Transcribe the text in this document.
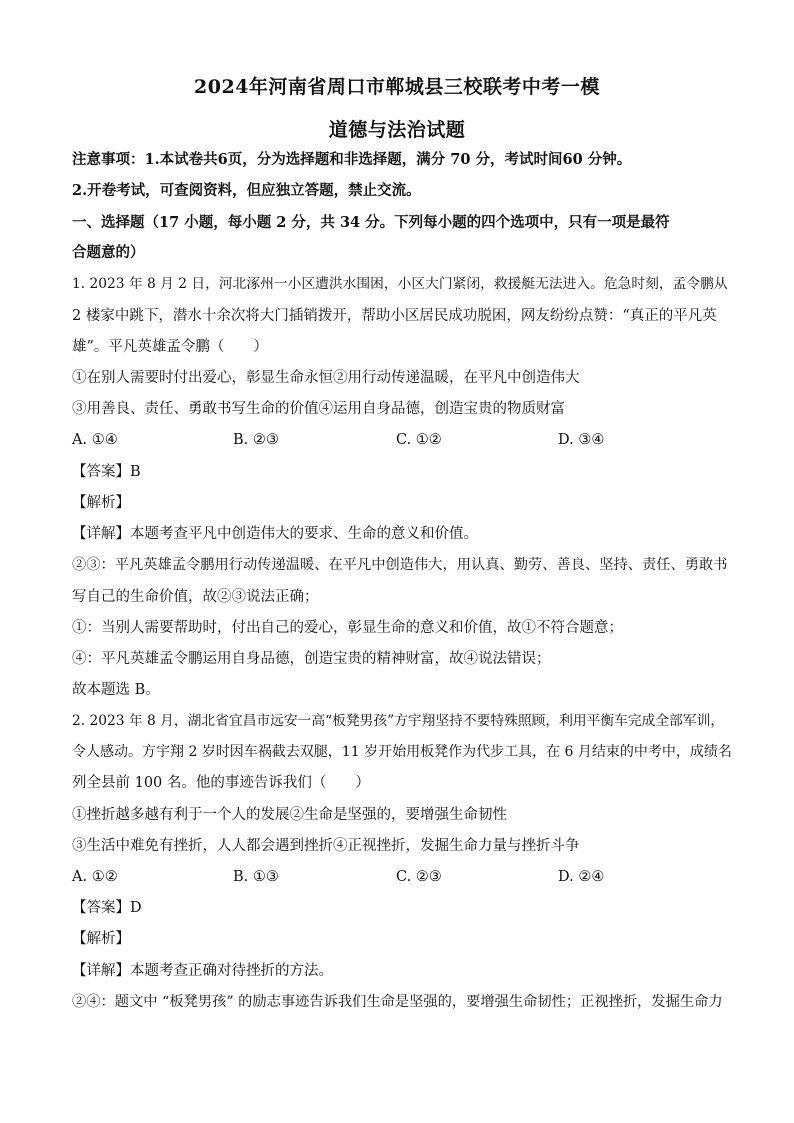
2024年河南省周口市郸城县三校联考中考一模
道德与法治试题
注意事项：1.本试卷共6页，分为选择题和非选择题，满分 70 分，考试时间60 分钟。
2.开卷考试，可查阅资料，但应独立答题，禁止交流。
一、选择题（17 小题，每小题 2 分，共 34 分。下列每小题的四个选项中，只有一项是最符
合题意的）
1. 2023 年 8 月 2 日，河北涿州一小区遭洪水围困，小区大门紧闭，救援艇无法进入。危急时刻，孟令鹏从
2 楼家中跳下，潜水十余次将大门插销拨开，帮助小区居民成功脱困，网友纷纷点赞：“真正的平凡英
雄”。平凡英雄孟令鹏（　　）
①在别人需要时付出爱心，彰显生命永恒②用行动传递温暖，在平凡中创造伟大
③用善良、责任、勇敢书写生命的价值④运用自身品德，创造宝贵的物质财富
A. ①④	B. ②③	C. ①②	D. ③④
【答案】B
【解析】
【详解】本题考查平凡中创造伟大的要求、生命的意义和价值。
②③：平凡英雄孟令鹏用行动传递温暖、在平凡中创造伟大，用认真、勤劳、善良、坚持、责任、勇敢书
写自己的生命价值，故②③说法正确；
①：当别人需要帮助时，付出自己的爱心，彰显生命的意义和价值，故①不符合题意；
④：平凡英雄孟令鹏运用自身品德，创造宝贵的精神财富，故④说法错误；
故本题选 B。
2. 2023 年 8 月，湖北省宜昌市远安一高“板凳男孩”方宇翔坚持不要特殊照顾，利用平衡车完成全部军训，
令人感动。方宇翔 2 岁时因车祸截去双腿，11 岁开始用板凳作为代步工具，在 6 月结束的中考中，成绩名
列全县前 100 名。他的事迹告诉我们（　　）
①挫折越多越有利于一个人的发展②生命是坚强的，要增强生命韧性
③生活中难免有挫折，人人都会遇到挫折④正视挫折，发掘生命力量与挫折斗争
A. ①②	B. ①③	C. ②③	D. ②④
【答案】D
【解析】
【详解】本题考查正确对待挫折的方法。
②④：题文中 “板凳男孩” 的励志事迹告诉我们生命是坚强的，要增强生命韧性；正视挫折，发掘生命力
